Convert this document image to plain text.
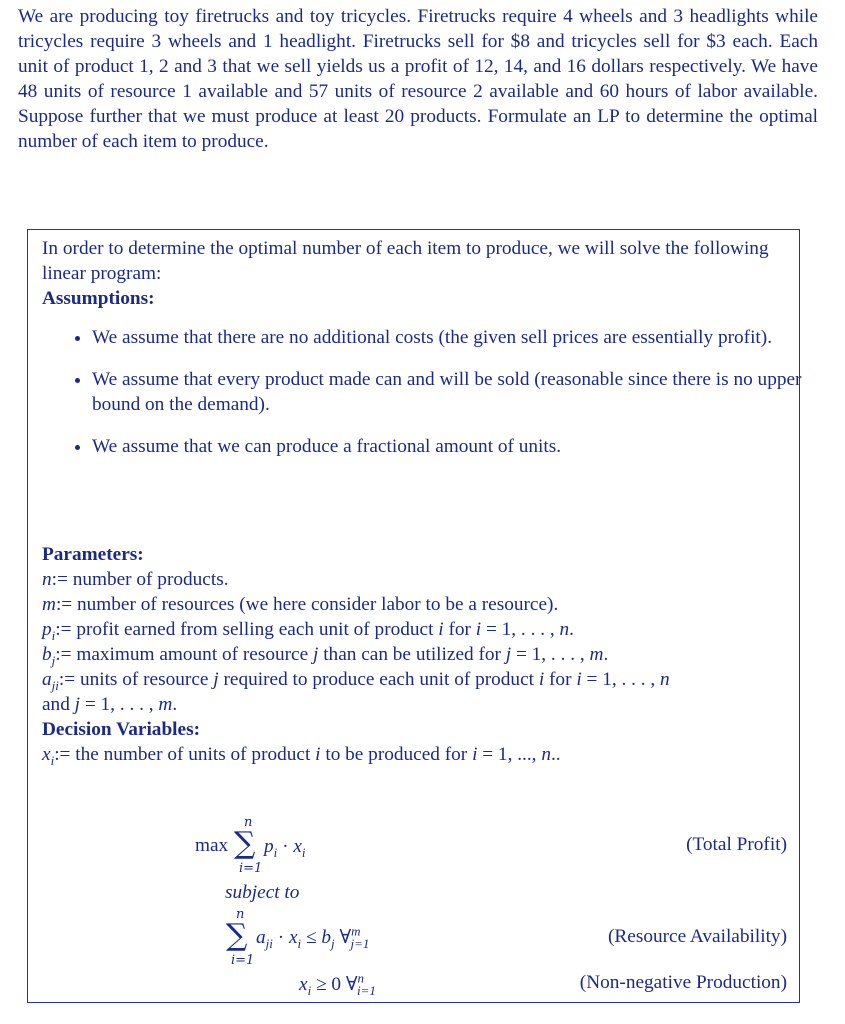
We are producing toy firetrucks and toy tricycles. Firetrucks require 4 wheels and 3 headlights while tricycles require 3 wheels and 1 headlight. Firetrucks sell for $8 and tricycles sell for $3 each. Each unit of product 1, 2 and 3 that we sell yields us a profit of 12, 14, and 16 dollars respectively. We have 48 units of resource 1 available and 57 units of resource 2 available and 60 hours of labor available. Suppose further that we must produce at least 20 products. Formulate an LP to determine the optimal number of each item to produce.

In order to determine the optimal number of each item to produce, we will solve the following linear program:

Assumptions:

• We assume that there are no additional costs (the given sell prices are essentially profit).
• We assume that every product made can and will be sold (reasonable since there is no upper bound on the demand).
• We assume that we can produce a fractional amount of units.
Parameters:
n:= number of products.
m:= number of resources (we here consider labor to be a resource).
$p_i:=$ profit earned from selling each unit of product i for i = 1, . . . , n.
$b_j:=$ maximum amount of resource j than can be utilized for j = 1, . . . , m.
$a_{ji}:=$ units of resource j required to produce each unit of product i for i = 1, . . . , n
and j = 1, . . . , m.
Decision Variables:
$x_i:=$ the number of units of product i to be produced for i = 1, ..., n..
max
n
∑
i=1
$p_i \cdot x_i$	(Total Profit)
subject to
n
∑
i=1
$a_{ji} \cdot x_i \le b_j$ ∀$^m_{j=1}$	(Resource Availability)
$x_i \ge 0$ ∀$^n_{i=1}$	(Non-negative Production)
